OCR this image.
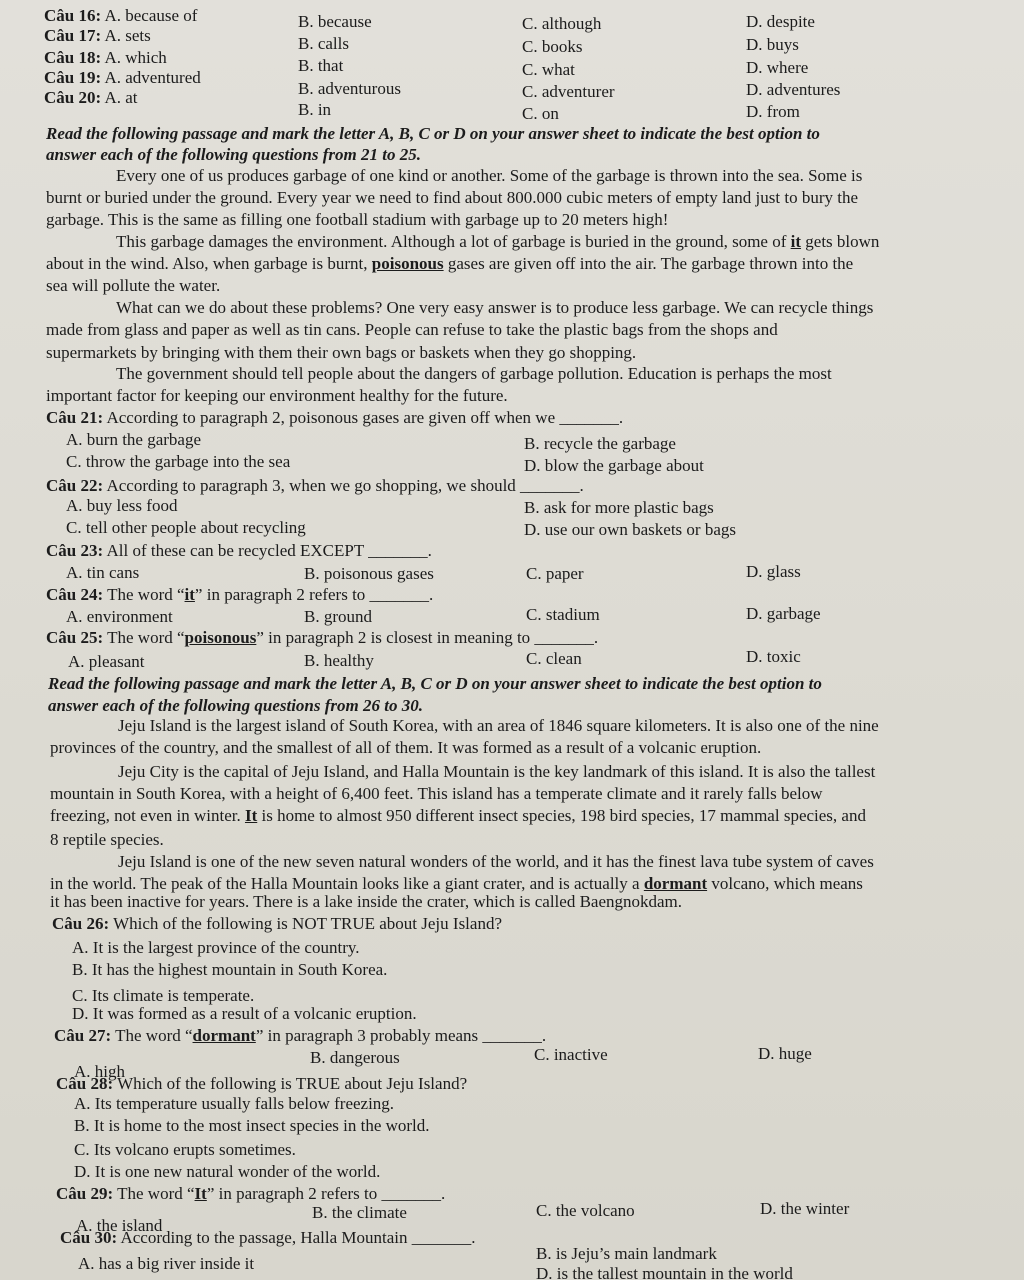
Câu 16: A. because of	B. because	C. although	D. despite
Câu 17: A. sets	B. calls	C. books	D. buys
Câu 18: A. which	B. that	C. what	D. where
Câu 19: A. adventured
B. adventurous	C. adventurer	D. adventures
Câu 20: A. at
B. in	C. on	D. from
Read the following passage and mark the letter A, B, C or D on your answer sheet to indicate the best option to
answer each of the following questions from 21 to 25.
Every one of us produces garbage of one kind or another. Some of the garbage is thrown into the sea. Some is
burnt or buried under the ground. Every year we need to find about 800.000 cubic meters of empty land just to bury the
garbage. This is the same as filling one football stadium with garbage up to 20 meters high!
This garbage damages the environment. Although a lot of garbage is buried in the ground, some of it gets blown
about in the wind. Also, when garbage is burnt, poisonous gases are given off into the air. The garbage thrown into the
sea will pollute the water.
What can we do about these problems? One very easy answer is to produce less garbage. We can recycle things
made from glass and paper as well as tin cans. People can refuse to take the plastic bags from the shops and
supermarkets by bringing with them their own bags or baskets when they go shopping.
The government should tell people about the dangers of garbage pollution. Education is perhaps the most
important factor for keeping our environment healthy for the future.
Câu 21: According to paragraph 2, poisonous gases are given off when we _______.
A. burn the garbage	B. recycle the garbage
C. throw the garbage into the sea	D. blow the garbage about
Câu 22: According to paragraph 3, when we go shopping, we should _______.
A. buy less food	B. ask for more plastic bags
C. tell other people about recycling	D. use our own baskets or bags
Câu 23: All of these can be recycled EXCEPT _______.
A. tin cans	B. poisonous gases	C. paper	D. glass
Câu 24: The word “it” in paragraph 2 refers to _______.
A. environment	B. ground	C. stadium	D. garbage
Câu 25: The word “poisonous” in paragraph 2 is closest in meaning to _______.
A. pleasant	B. healthy	C. clean	D. toxic
Read the following passage and mark the letter A, B, C or D on your answer sheet to indicate the best option to
answer each of the following questions from 26 to 30.
Jeju Island is the largest island of South Korea, with an area of 1846 square kilometers. It is also one of the nine
provinces of the country, and the smallest of all of them. It was formed as a result of a volcanic eruption.
Jeju City is the capital of Jeju Island, and Halla Mountain is the key landmark of this island. It is also the tallest
mountain in South Korea, with a height of 6,400 feet. This island has a temperate climate and it rarely falls below
freezing, not even in winter. It is home to almost 950 different insect species, 198 bird species, 17 mammal species, and
8 reptile species.
Jeju Island is one of the new seven natural wonders of the world, and it has the finest lava tube system of caves
in the world. The peak of the Halla Mountain looks like a giant crater, and is actually a dormant volcano, which means
it has been inactive for years. There is a lake inside the crater, which is called Baengnokdam.
Câu 26: Which of the following is NOT TRUE about Jeju Island?
A. It is the largest province of the country.
B. It has the highest mountain in South Korea.
C. Its climate is temperate.
D. It was formed as a result of a volcanic eruption.
Câu 27: The word “dormant” in paragraph 3 probably means _______.
A. high
B. dangerous	C. inactive	D. huge
Câu 28: Which of the following is TRUE about Jeju Island?
A. Its temperature usually falls below freezing.
B. It is home to the most insect species in the world.
C. Its volcano erupts sometimes.
D. It is one new natural wonder of the world.
Câu 29: The word “It” in paragraph 2 refers to _______.
A. the island
B. the climate	C. the volcano	D. the winter
Câu 30: According to the passage, Halla Mountain _______.
A. has a big river inside it
B. is Jeju’s main landmark
D. is the tallest mountain in the world
